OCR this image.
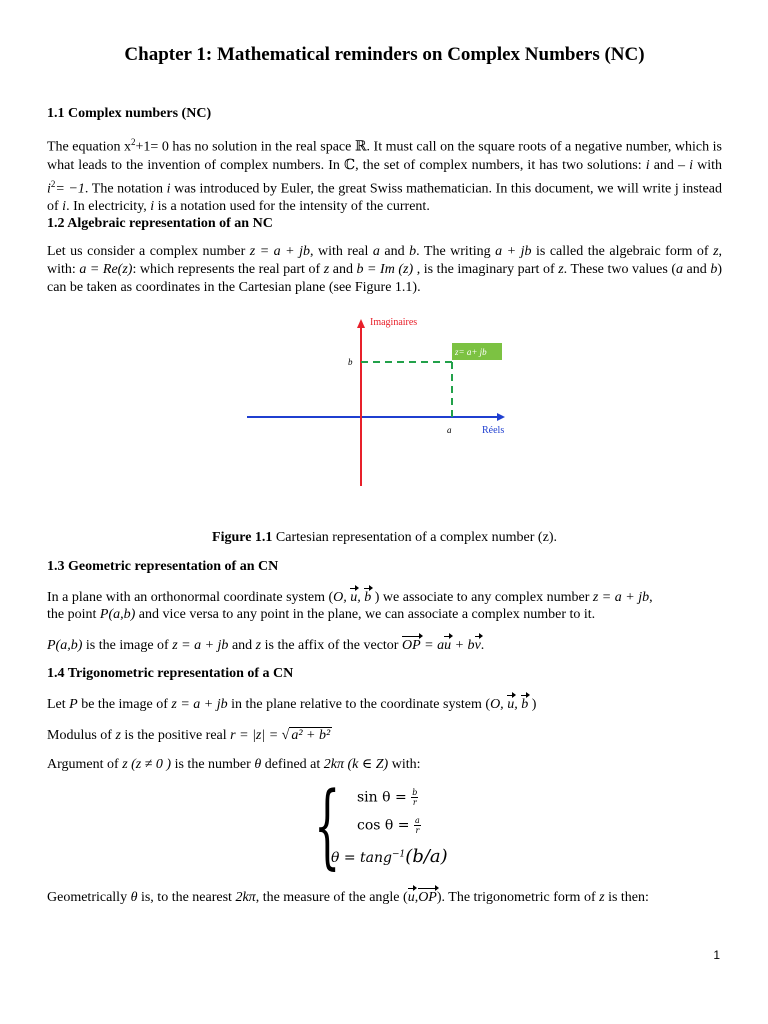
Chapter 1: Mathematical reminders on Complex Numbers (NC)
1.1 Complex numbers (NC)

The equation $x^2+1= 0$ has no solution in the real space ℝ. It must call on the square roots of a negative number, which is what leads to the invention of complex numbers. In ℂ, the set of complex numbers, it has two solutions: i and – i with $i^2= -1$. The notation i was introduced by Euler, the great Swiss mathematician. In this document, we will write j instead of i. In electricity, i is a notation used for the intensity of the current.

1.2 Algebraic representation of an NC

Let us consider a complex number z = a + jb, with real a and b. The writing a + jb is called the algebraic form of z, with: a = Re(z): which represents the real part of z and b = Im (z) , is the imaginary part of z. These two values (a and b) can be taken as coordinates in the Cartesian plane (see Figure 1.1).

Imaginaires
Réels
z= a+ jb
b
a
Figure 1.1 Cartesian representation of a complex number (z).
1.3 Geometric representation of an CN

In a plane with an orthonormal coordinate system (O, u, b ) we associate to any complex number z = a + jb,

the point P(a,b) and vice versa to any point in the plane, we can associate a complex number to it.

P(a,b) is the image of z = a + jb and z is the affix of the vector OP = au + bv.

1.4 Trigonometric representation of a CN

Let P be the image of z = a + jb in the plane relative to the coordinate system (O, u, b )

Modulus of z is the positive real r = |z| = √ a² + b²

Argument of z (z ≠ 0 ) is the number θ defined at 2kπ (k ∈ Z) with:

{ $\sin \theta = \frac{b}{r}$
$\cos \theta = \frac{a}{r}$
θ = tang$^{-1}$(b/a)

Geometrically θ is, to the nearest 2kπ, the measure of the angle (u,OP). The trigonometric form of z is then:

1
